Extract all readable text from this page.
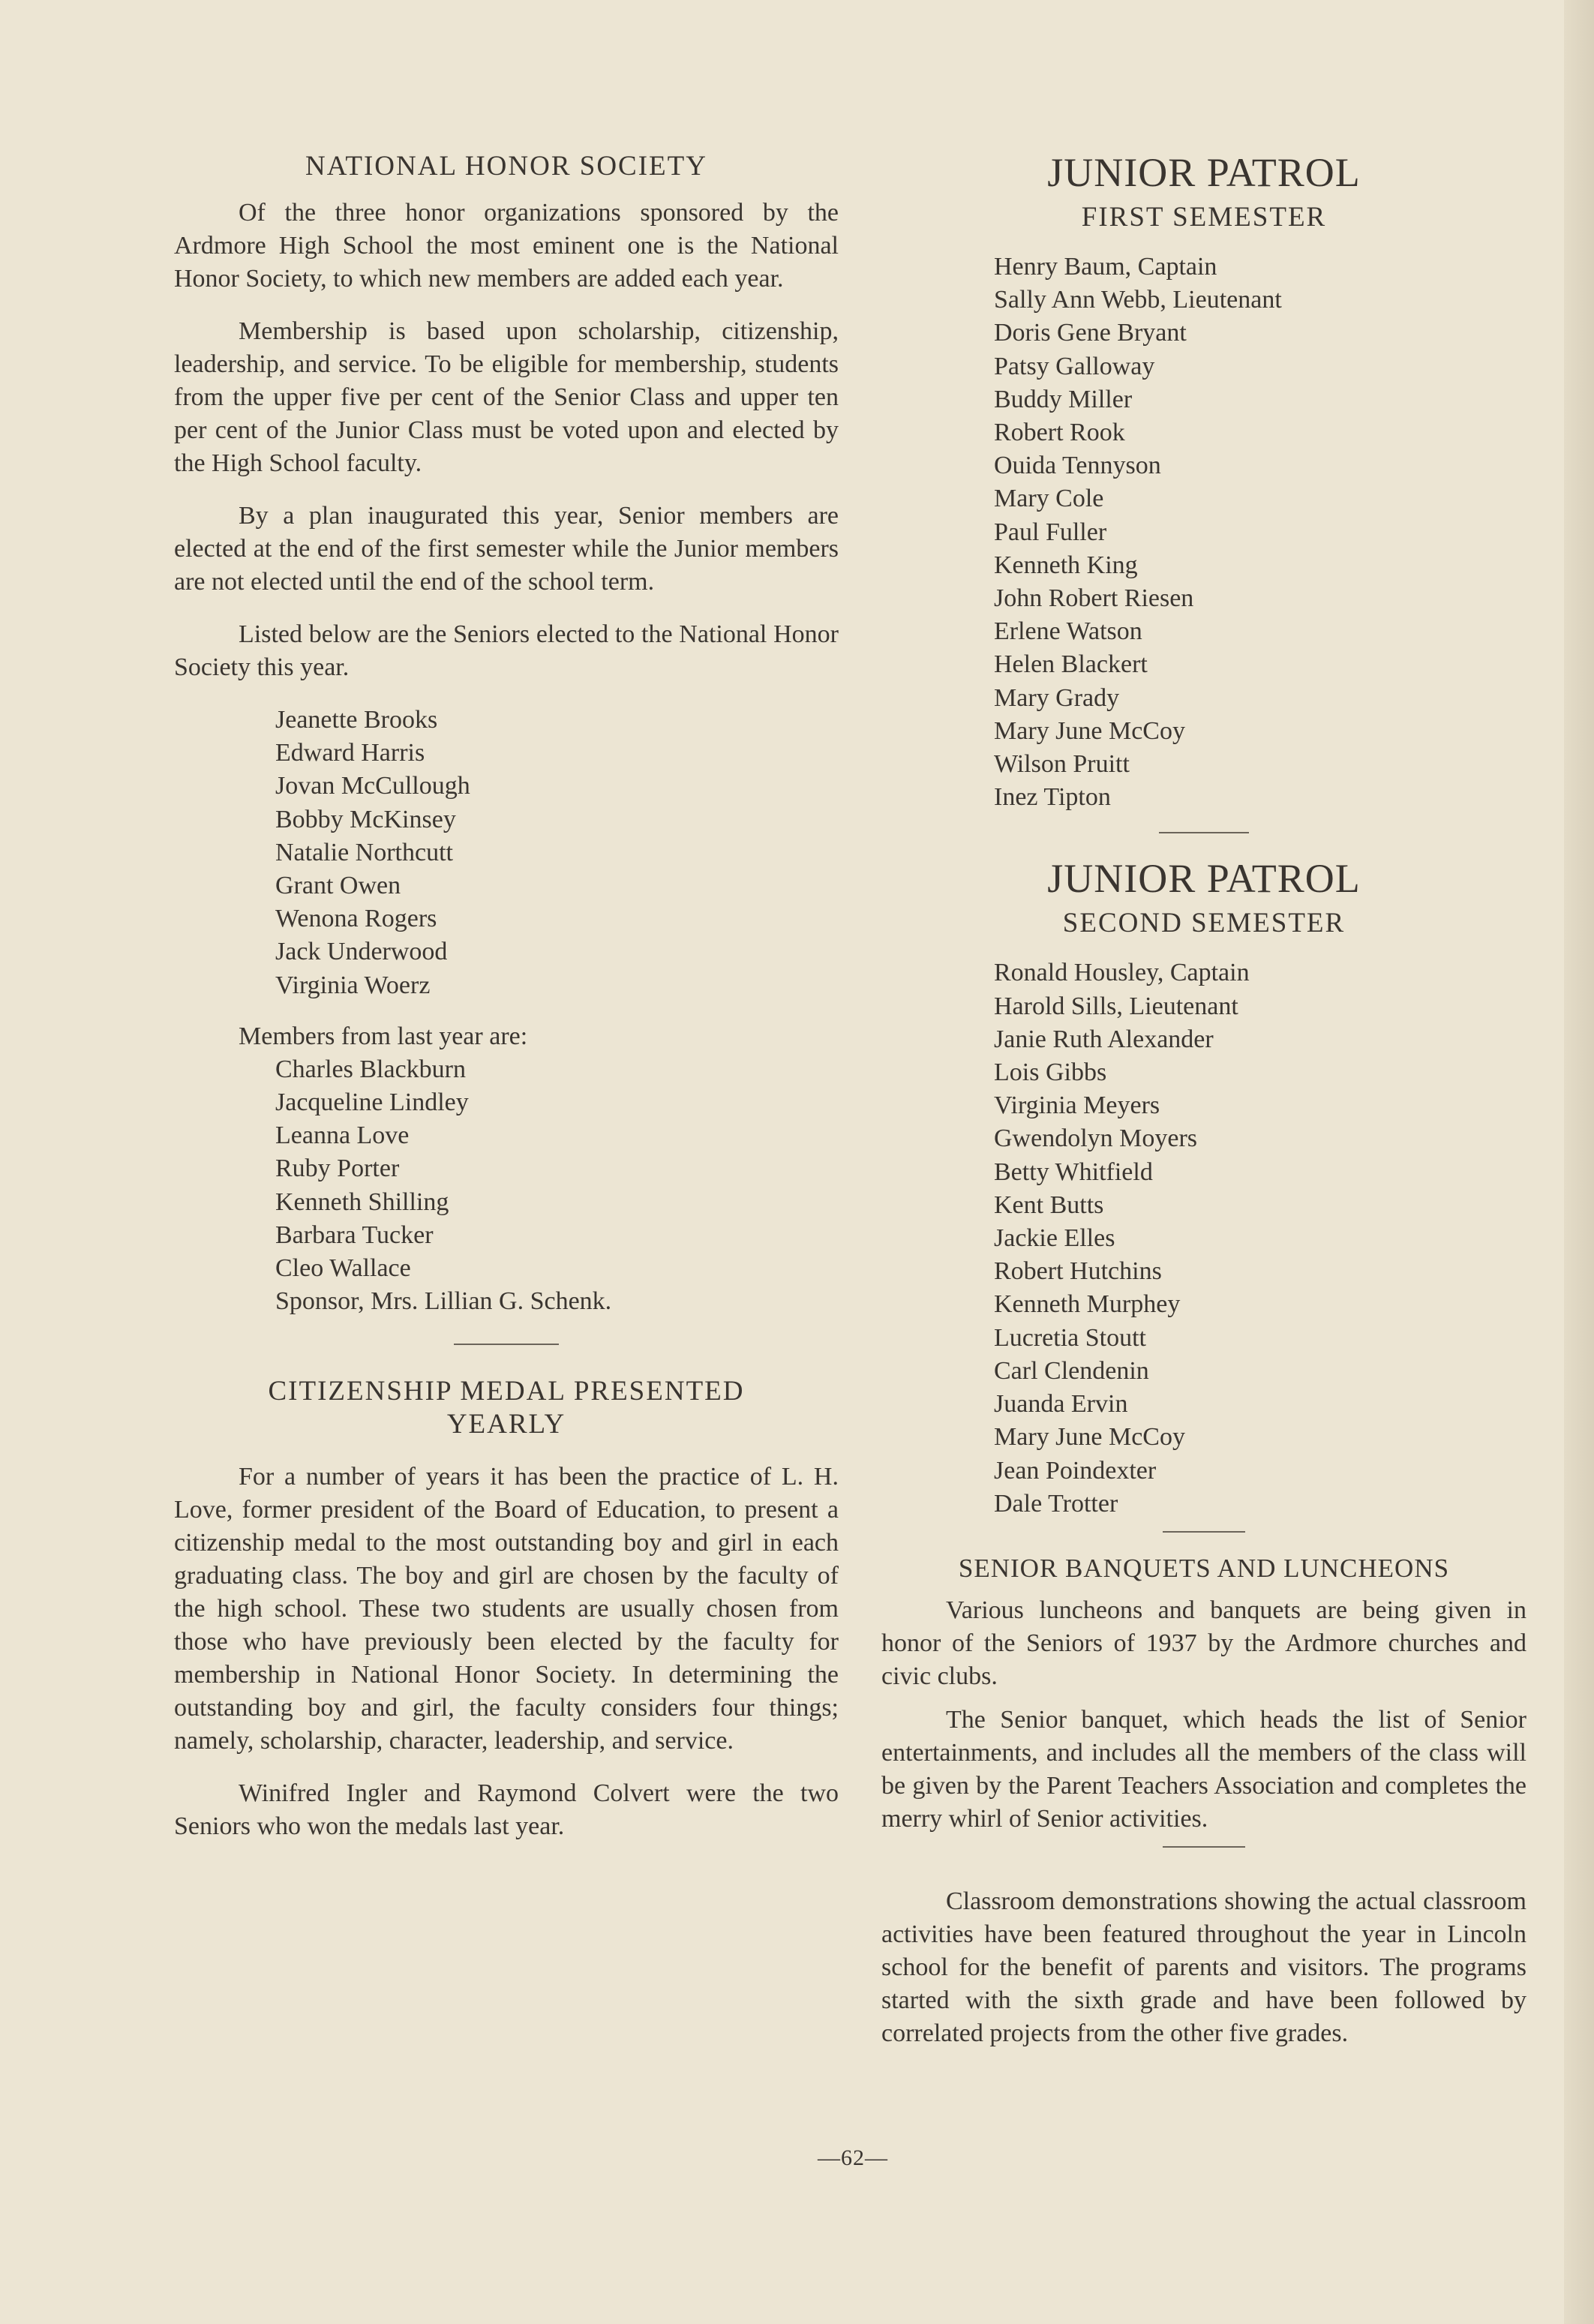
NATIONAL HONOR SOCIETY

Of the three honor organizations sponsored by the Ardmore High School the most eminent one is the National Honor Society, to which new members are added each year.

Membership is based upon scholarship, citizenship, leadership, and service. To be eligible for membership, students from the upper five per cent of the Senior Class and upper ten per cent of the Junior Class must be voted upon and elected by the High School faculty.

By a plan inaugurated this year, Senior members are elected at the end of the first semester while the Junior members are not elected until the end of the school term.

Listed below are the Seniors elected to the National Honor Society this year.

Jeanette Brooks
Edward Harris
Jovan McCullough
Bobby McKinsey
Natalie Northcutt
Grant Owen
Wenona Rogers
Jack Underwood
Virginia Woerz
Members from last year are:
Charles Blackburn
Jacqueline Lindley
Leanna Love
Ruby Porter
Kenneth Shilling
Barbara Tucker
Cleo Wallace
Sponsor, Mrs. Lillian G. Schenk.
CITIZENSHIP MEDAL PRESENTED
YEARLY

For a number of years it has been the practice of L. H. Love, former president of the Board of Education, to present a citizenship medal to the most outstanding boy and girl in each graduating class. The boy and girl are chosen by the faculty of the high school. These two students are usually chosen from those who have previously been elected by the faculty for membership in National Honor Society. In determining the outstanding boy and girl, the faculty considers four things; namely, scholarship, character, leadership, and service.

Winifred Ingler and Raymond Colvert were the two Seniors who won the medals last year.

JUNIOR PATROL
FIRST SEMESTER
Henry Baum, Captain
Sally Ann Webb, Lieutenant
Doris Gene Bryant
Patsy Galloway
Buddy Miller
Robert Rook
Ouida Tennyson
Mary Cole
Paul Fuller
Kenneth King
John Robert Riesen
Erlene Watson
Helen Blackert
Mary Grady
Mary June McCoy
Wilson Pruitt
Inez Tipton
JUNIOR PATROL
SECOND SEMESTER
Ronald Housley, Captain
Harold Sills, Lieutenant
Janie Ruth Alexander
Lois Gibbs
Virginia Meyers
Gwendolyn Moyers
Betty Whitfield
Kent Butts
Jackie Elles
Robert Hutchins
Kenneth Murphey
Lucretia Stoutt
Carl Clendenin
Juanda Ervin
Mary June McCoy
Jean Poindexter
Dale Trotter
SENIOR BANQUETS AND LUNCHEONS

Various luncheons and banquets are being given in honor of the Seniors of 1937 by the Ardmore churches and civic clubs.

The Senior banquet, which heads the list of Senior entertainments, and includes all the members of the class will be given by the Parent Teachers Association and completes the merry whirl of Senior activities.

Classroom demonstrations showing the actual classroom activities have been featured throughout the year in Lincoln school for the benefit of parents and visitors. The programs started with the sixth grade and have been followed by correlated projects from the other five grades.

—62—
